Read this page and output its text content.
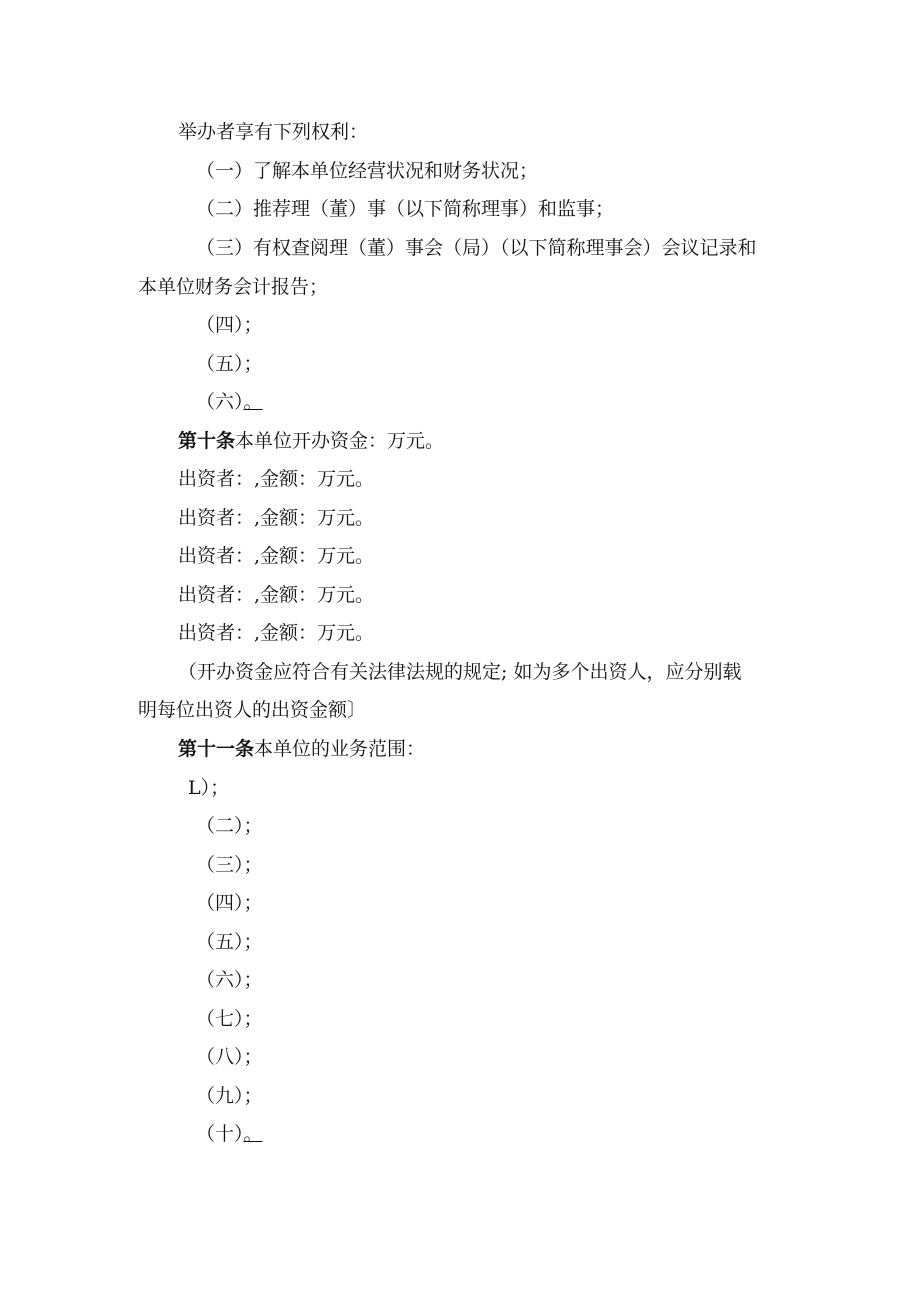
举办者享有下列权利：
（一）了解本单位经营状况和财务状况；
（二）推荐理（董）事（以下简称理事）和监事；
（三）有权查阅理（董）事会（局）（以下简称理事会）会议记录和
本单位财务会计报告；
（四）；
（五）；
（六）。
第十条本单位开办资金：万元。
出资者：,金额：万元。
出资者：,金额：万元。
出资者：,金额：万元。
出资者：,金额：万元。
出资者：,金额：万元。
（开办资金应符合有关法律法规的规定; 如为多个出资人，应分别载
明每位出资人的出资金额〕
第十一条本单位的业务范围：
L）；
（二）；
（三）；
（四）；
（五）；
（六）；
（七）；
（八）；
（九）；
（十）。
